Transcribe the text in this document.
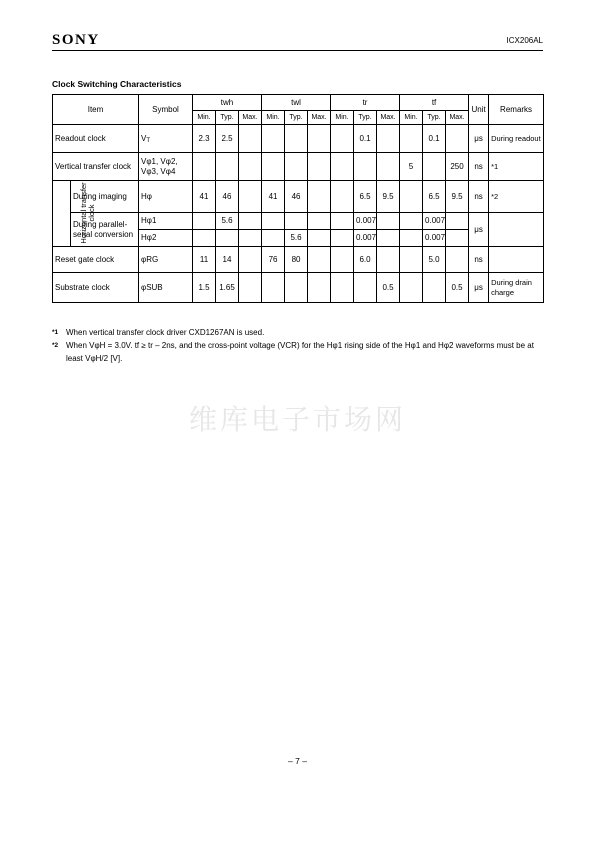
SONY	ICX206AL
Clock Switching Characteristics
Item		Symbol	twh			twl			tr			tf			Unit	Remarks
			Min.	Typ.	Max.	Min.	Typ.	Max.	Min.	Typ.	Max.	Min.	Typ.	Max.		
Readout clock		$V_T$	2.3	2.5						0.1			0.1		μs	During readout
Vertical transfer clock		Vφ1, Vφ2, Vφ3, Vφ4										5		250	ns	*1
Horizontal transfer clock	During imaging	Hφ	41	46		41	46			6.5	9.5		6.5	9.5	ns	*2
	During parallel-serial conversion	Hφ1		5.6						0.007			0.007		μs	
		Hφ2					5.6			0.007			0.007			
Reset gate clock		φRG	11	14		76	80			6.0			5.0		ns	
Substrate clock		φSUB	1.5	1.65							0.5			0.5	μs	During drain charge
*1 When vertical transfer clock driver CXD1267AN is used.
*2 When VφH = 3.0V. tf ≥ tr – 2ns, and the cross-point voltage (VCR) for the Hφ1 rising side of the Hφ1 and Hφ2 waveforms must be at least VφH/2 [V].
维库电子市场网
– 7 –
